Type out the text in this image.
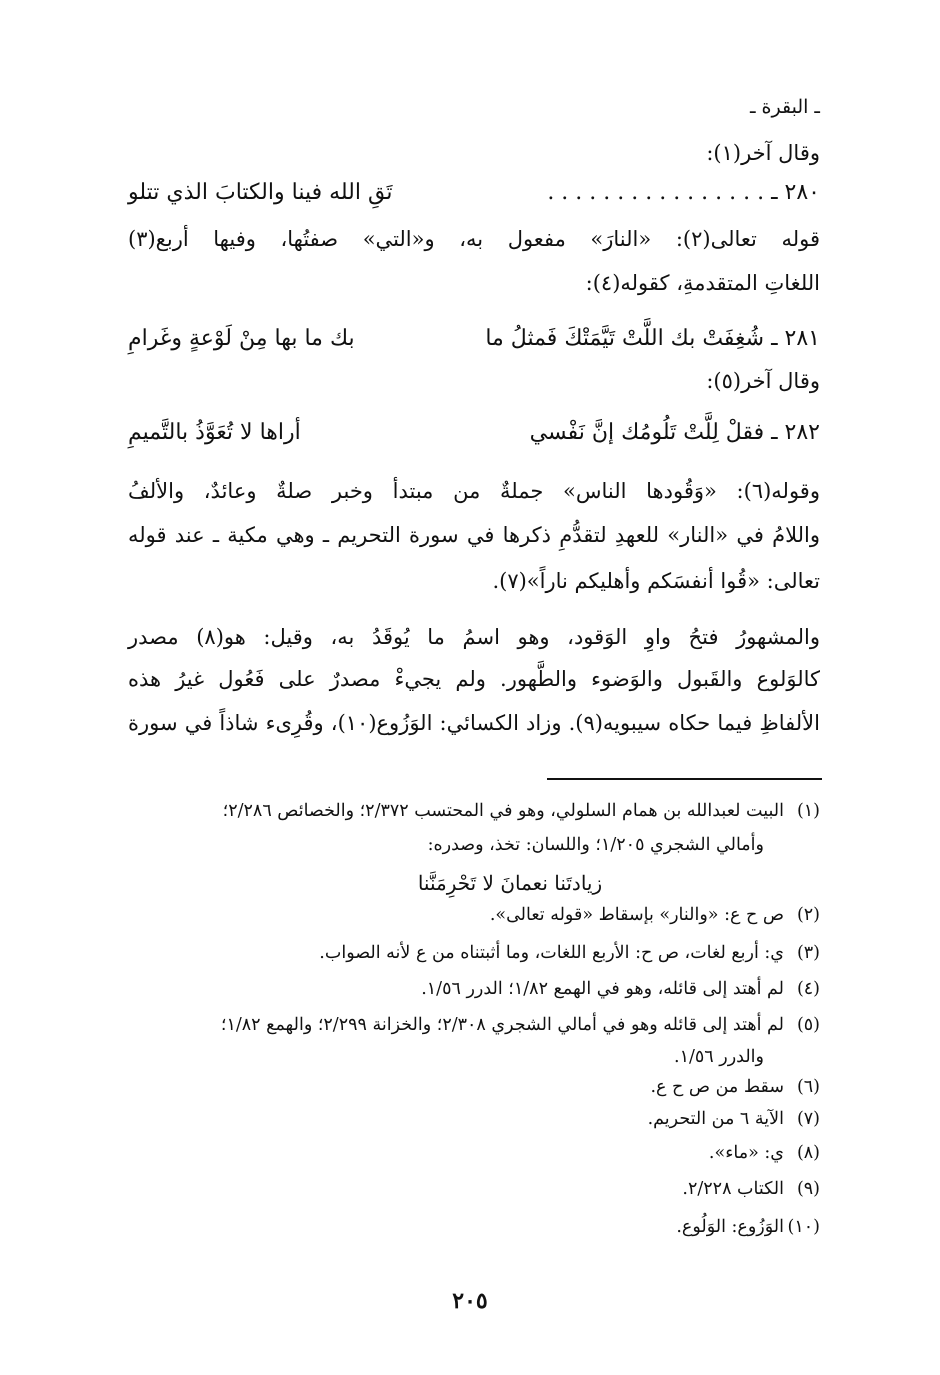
ـ البقرة ـ
وقال آخر(١):
٢٨٠ ـ . . . . . . . . . . . . . . . .
تَقِ الله فينا والكتابَ الذي تتلو
قوله تعالى(٢): «النارَ» مفعول به، و«التي» صفتُها، وفيها أربع(٣)
اللغاتِ المتقدمةِ، كقوله(٤):
٢٨١ ـ شُغِفَتْ بك اللَّتْ تَيَّمَتْكَ فَمثلُ ما
بك ما بها مِنْ لَوْعةٍ وغَرامِ
وقال آخر(٥):
٢٨٢ ـ فقلْ لِلَّتْ تَلُومُك إنَّ نَفْسي
أراها لا تُعَوَّذُ بالتَّميمِ
وقوله(٦): «وَقُودها الناس» جملةٌ من مبتدأ وخبر صلةٌ وعائدٌ، والألفُ
واللامُ في «النار» للعهدِ لتقدُّمِ ذكرها في سورة التحريم ـ وهي مكية ـ عند قوله
تعالى: «قُوا أنفسَكم وأهليكم ناراً»(٧).
والمشهورُ فتحُ واوِ الوَقود، وهو اسمُ ما يُوقَدُ به، وقيل: هو(٨) مصدر
كالوَلوع والقَبول والوَضوء والطَّهور. ولم يجيءْ مصدرٌ على فَعُول غيرُ هذه
الألفاظِ فيما حكاه سيبويه(٩). وزاد الكسائي: الوَزُوع(١٠)، وقُرِىء شاذاً في سورة
(١)البيت لعبدالله بن همام السلولي، وهو في المحتسب ٢/٣٧٢؛ والخصائص ٢/٢٨٦؛
وأمالي الشجري ١/٢٠٥؛ واللسان: تخذ، وصدره:
زيادتَنا نعمانَ لا تَحْرِمَنَّنا
(٢)ص ح ع: «والنار» بإسقاط «قوله تعالى».
(٣)ي: أربع لغات، ص ح: الأربع اللغات، وما أثبتناه من ع لأنه الصواب.
(٤)لم أهتد إلى قائله، وهو في الهمع ١/٨٢؛ الدرر ١/٥٦.
(٥)لم أهتد إلى قائله وهو في أمالي الشجري ٢/٣٠٨؛ والخزانة ٢/٢٩٩؛ والهمع ١/٨٢؛
والدرر ١/٥٦.
(٦)سقط من ص ح ع.
(٧)الآية ٦ من التحريم.
(٨)ي: «ماء».
(٩)الكتاب ٢/٢٢٨.
(١٠)الوَزُوع: الوَلُوع.
٢٠٥
